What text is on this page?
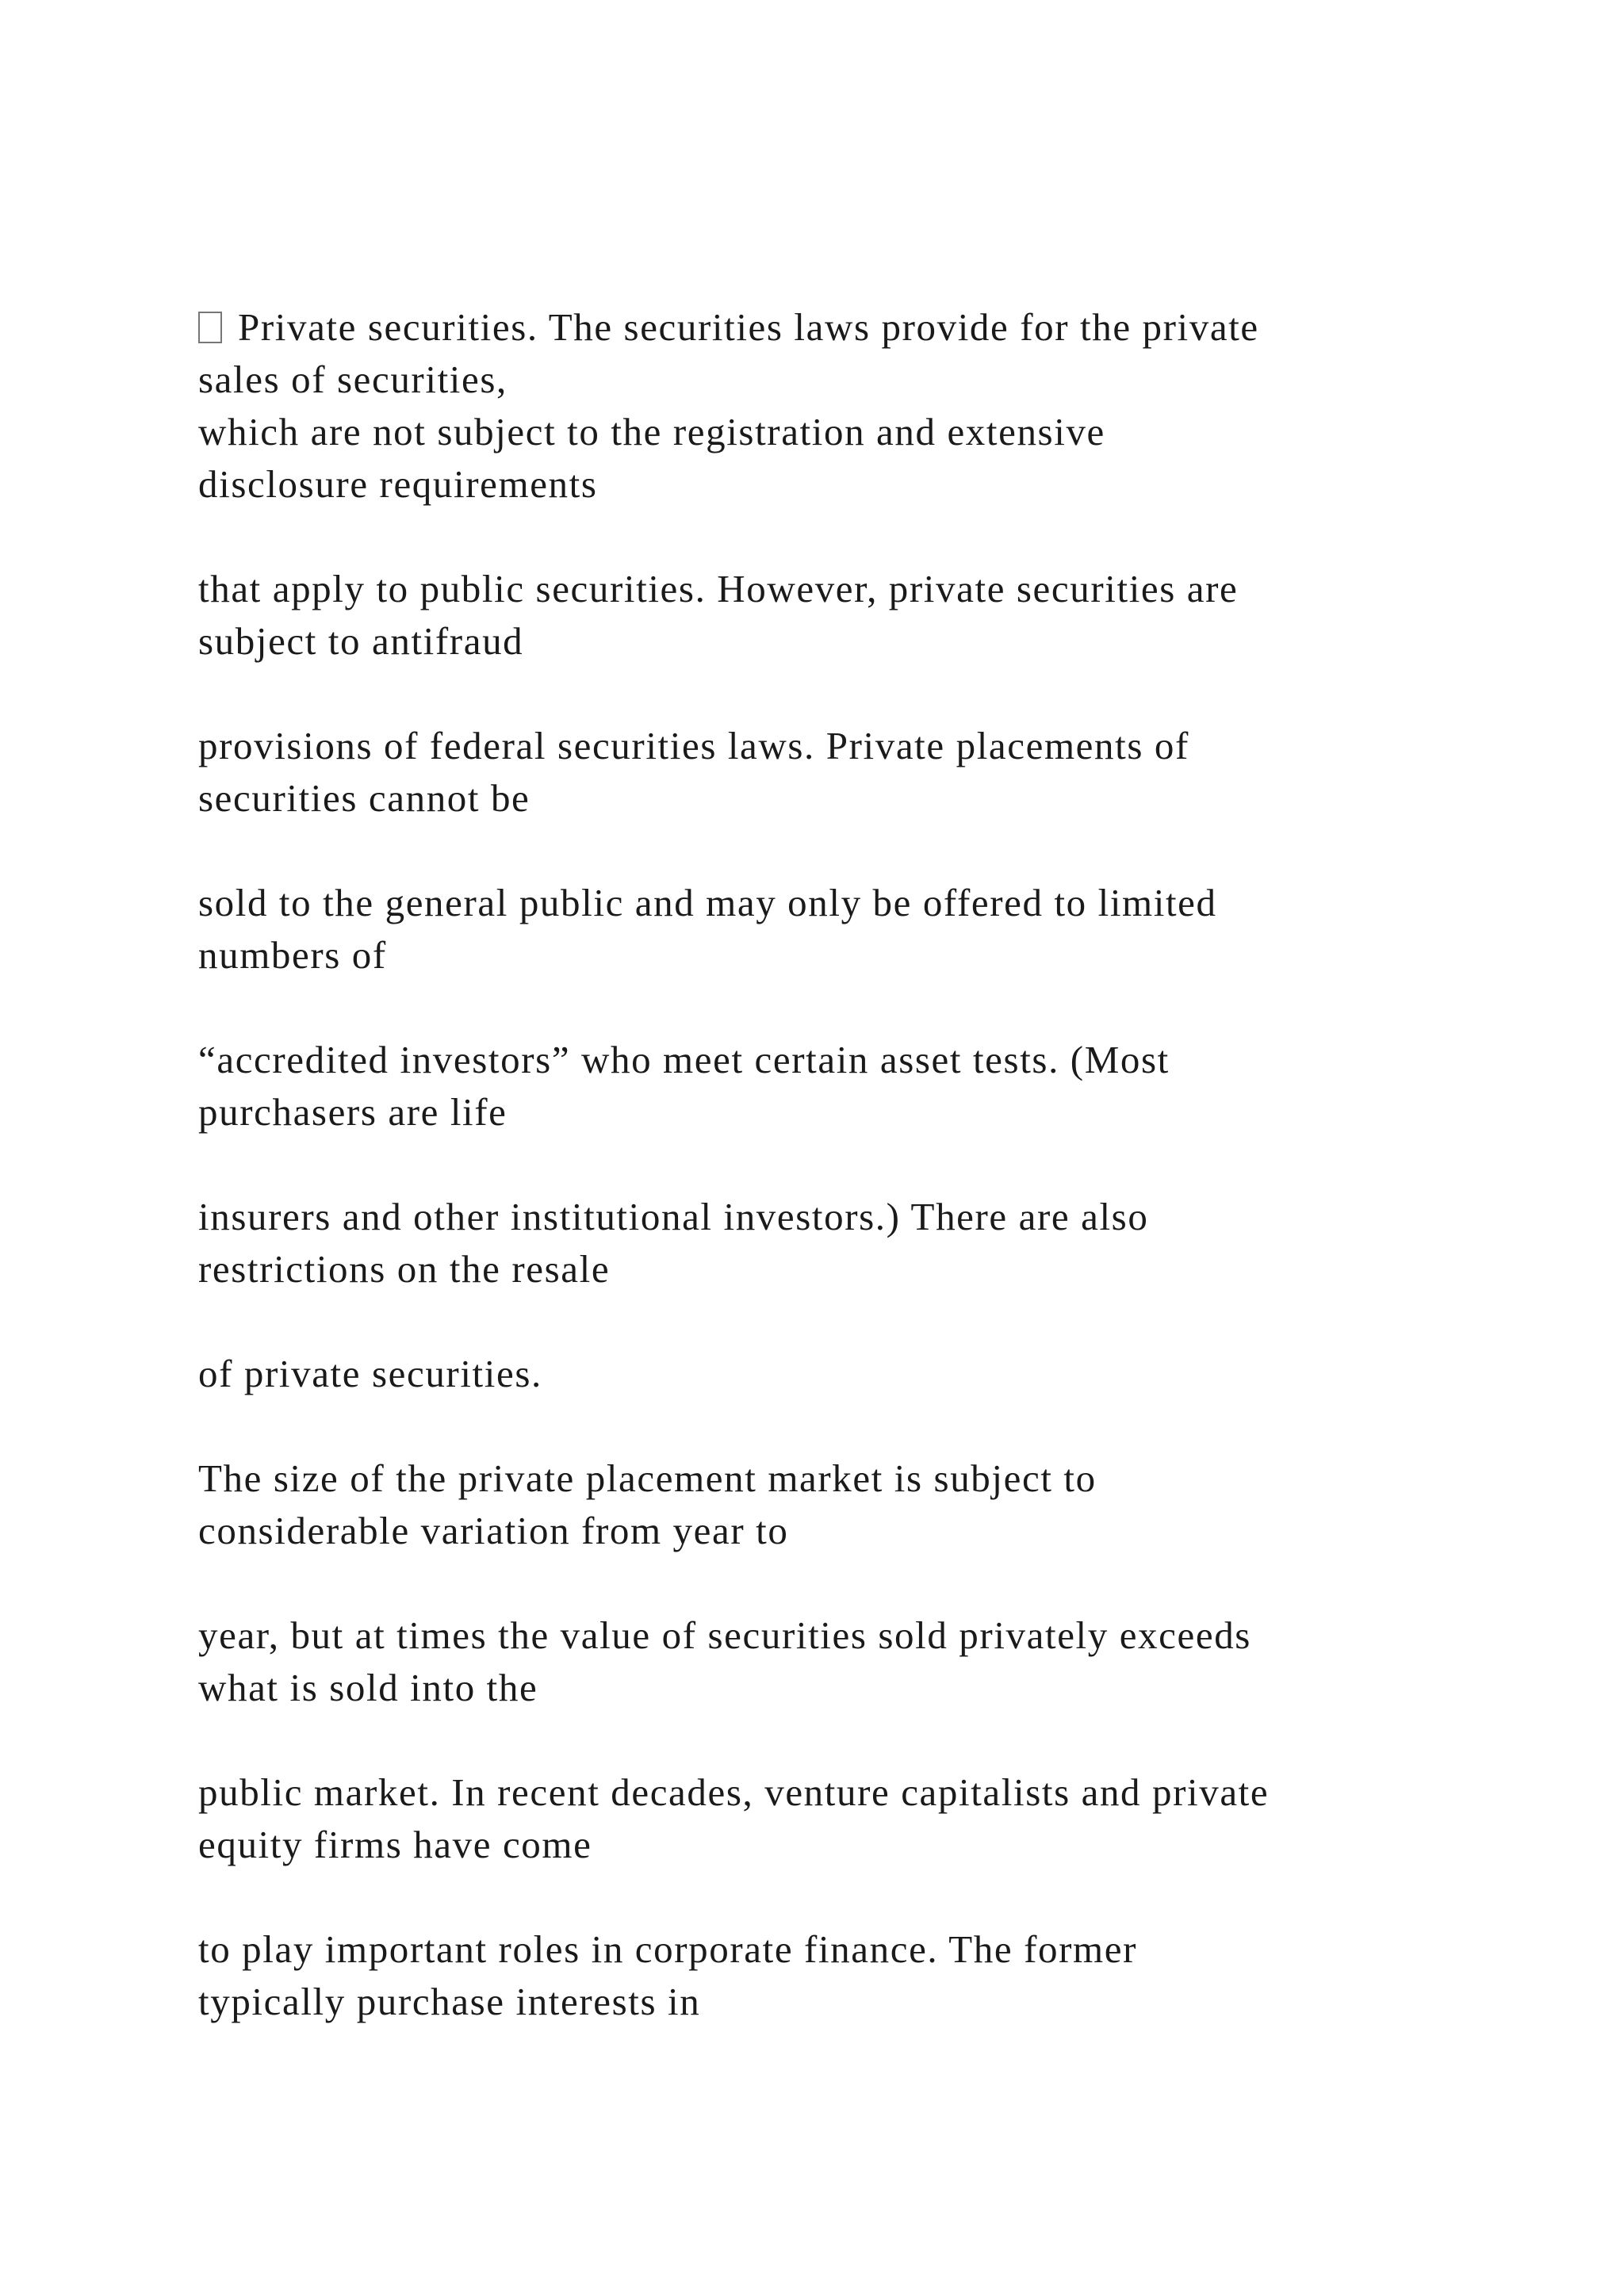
Private securities. The securities laws provide for the private
sales of securities,
which are not subject to the registration and extensive
disclosure requirements
that apply to public securities. However, private securities are
subject to antifraud
provisions of federal securities laws. Private placements of
securities cannot be
sold to the general public and may only be offered to limited
numbers of
“accredited investors” who meet certain asset tests. (Most
purchasers are life
insurers and other institutional investors.) There are also
restrictions on the resale
of private securities.
The size of the private placement market is subject to
considerable variation from year to
year, but at times the value of securities sold privately exceeds
what is sold into the
public market. In recent decades, venture capitalists and private
equity firms have come
to play important roles in corporate finance. The former
typically purchase interests in
